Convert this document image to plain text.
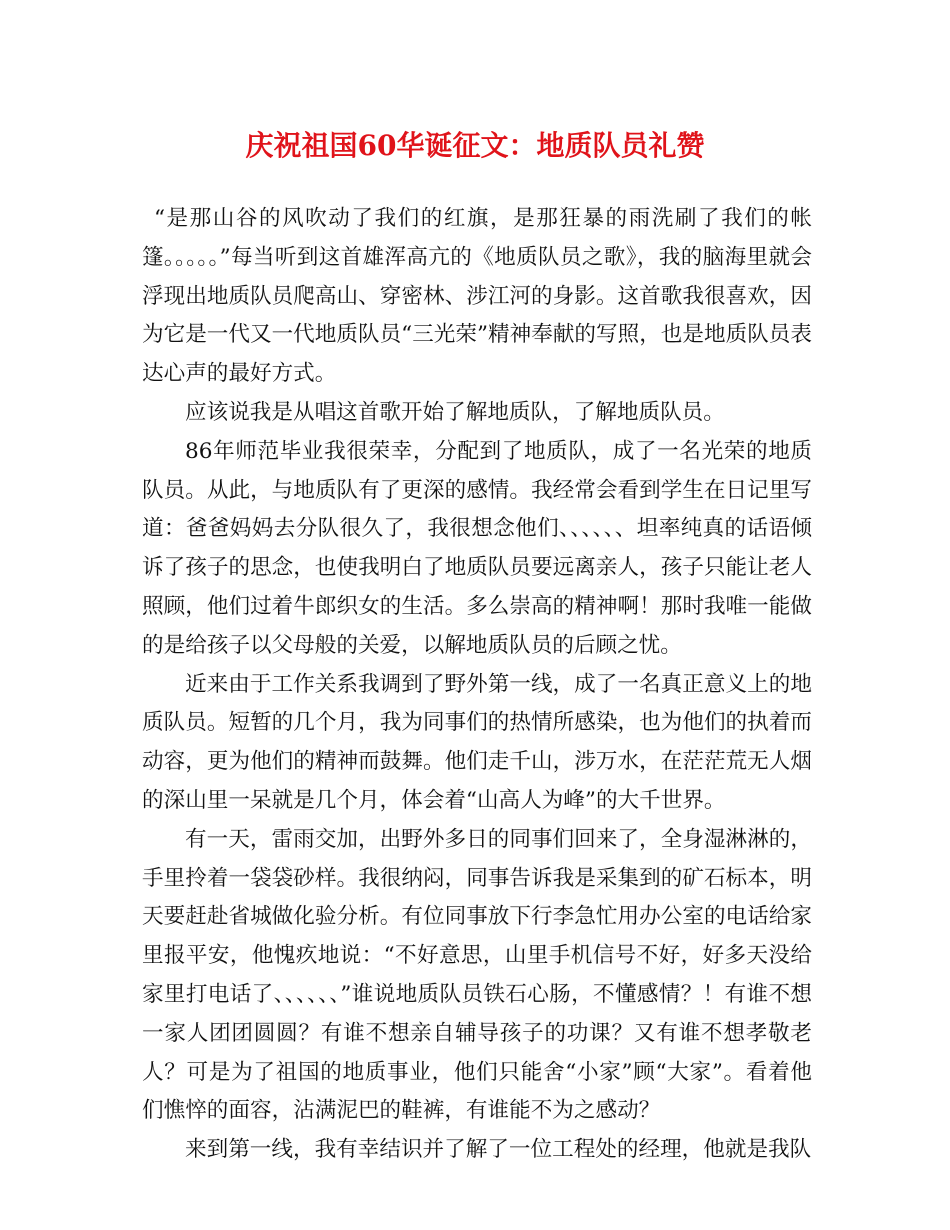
庆祝祖国60华诞征文：地质队员礼赞

“是那山谷的风吹动了我们的红旗，是那狂暴的雨洗刷了我们的帐篷。。。。。”每当听到这首雄浑高亢的《地质队员之歌》，我的脑海里就会浮现出地质队员爬高山、穿密林、涉江河的身影。这首歌我很喜欢，因为它是一代又一代地质队员“三光荣”精神奉献的写照，也是地质队员表达心声的最好方式。

应该说我是从唱这首歌开始了解地质队，了解地质队员。

86年师范毕业我很荣幸，分配到了地质队，成了一名光荣的地质队员。从此，与地质队有了更深的感情。我经常会看到学生在日记里写道：爸爸妈妈去分队很久了，我很想念他们、、、、、、坦率纯真的话语倾诉了孩子的思念，也使我明白了地质队员要远离亲人，孩子只能让老人照顾，他们过着牛郎织女的生活。多么崇高的精神啊！那时我唯一能做的是给孩子以父母般的关爱，以解地质队员的后顾之忧。

近来由于工作关系我调到了野外第一线，成了一名真正意义上的地质队员。短暂的几个月，我为同事们的热情所感染，也为他们的执着而动容，更为他们的精神而鼓舞。他们走千山，涉万水，在茫茫荒无人烟的深山里一呆就是几个月，体会着“山高人为峰”的大千世界。

有一天，雷雨交加，出野外多日的同事们回来了，全身湿淋淋的，手里拎着一袋袋砂样。我很纳闷，同事告诉我是采集到的矿石标本，明天要赶赴省城做化验分析。有位同事放下行李急忙用办公室的电话给家里报平安，他愧疚地说：“不好意思，山里手机信号不好，好多天没给家里打电话了、、、、、、”谁说地质队员铁石心肠，不懂感情？！有谁不想一家人团团圆圆？有谁不想亲自辅导孩子的功课？又有谁不想孝敬老人？可是为了祖国的地质事业，他们只能舍“小家”顾“大家”。看着他们憔悴的面容，沾满泥巴的鞋裤，有谁能不为之感动？

来到第一线，我有幸结识并了解了一位工程处的经理，他就是我队
